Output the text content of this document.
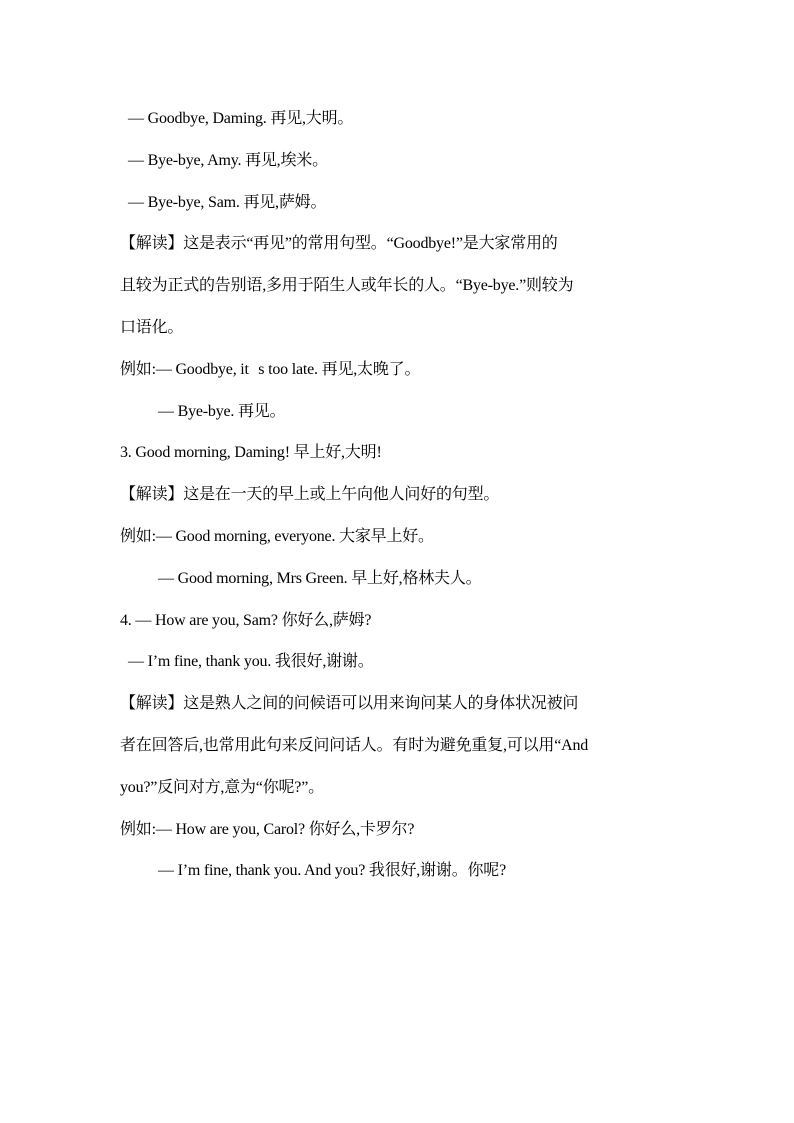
— Goodbye, Daming. 再见,大明。
— Bye-bye, Amy. 再见,埃米。
— Bye-bye, Sam. 再见,萨姆。
【解读】这是表示“再见”的常用句型。“Goodbye!”是大家常用的
且较为正式的告别语,多用于陌生人或年长的人。“Bye-bye.”则较为
口语化。
例如:— Goodbye, its too late. 再见,太晚了。
— Bye-bye. 再见。
3. Good morning, Daming! 早上好,大明!
【解读】这是在一天的早上或上午向他人问好的句型。
例如:— Good morning, everyone. 大家早上好。
— Good morning, Mrs Green. 早上好,格林夫人。
4. — How are you, Sam? 你好么,萨姆?
— I’m fine, thank you. 我很好,谢谢。
【解读】这是熟人之间的问候语可以用来询问某人的身体状况被问
者在回答后,也常用此句来反问问话人。有时为避免重复,可以用“And
you?”反问对方,意为“你呢?”。
例如:— How are you, Carol? 你好么,卡罗尔?
— I’m fine, thank you. And you? 我很好,谢谢。你呢?
